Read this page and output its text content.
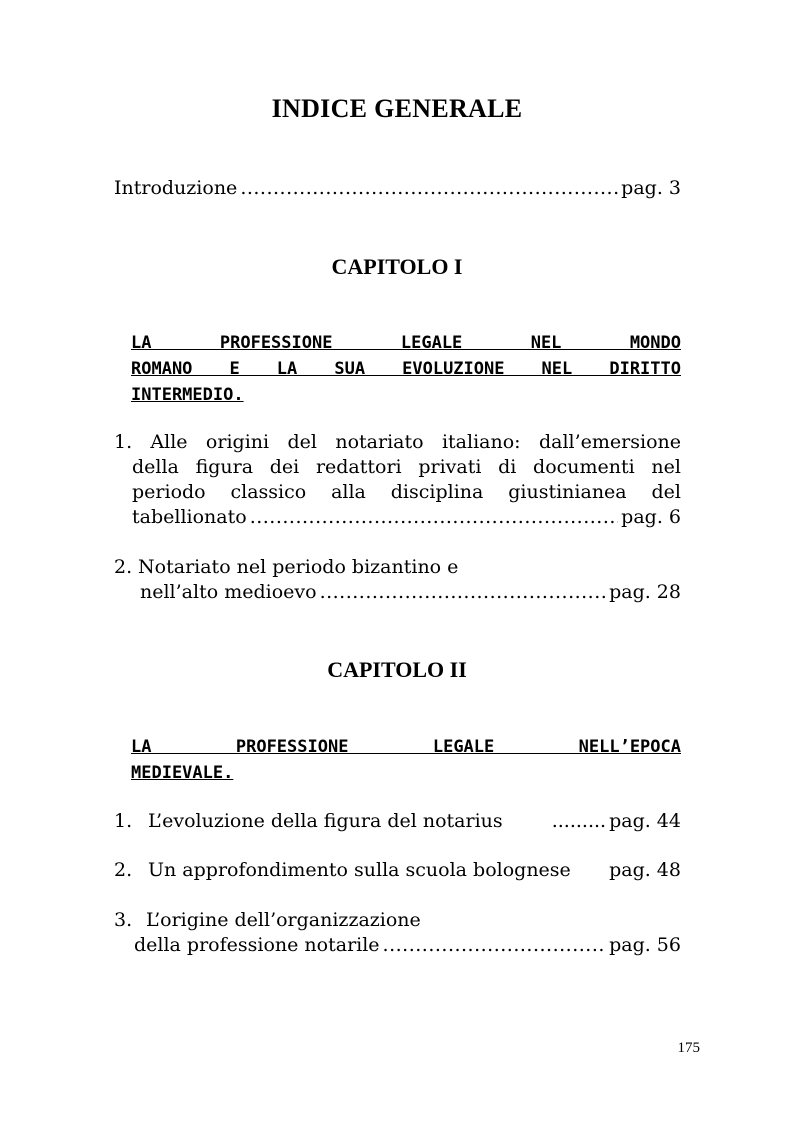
INDICE GENERALE
Introduzione .....	pag. 3
CAPITOLO I
LA PROFESSIONE LEGALE NEL MONDO
ROMANO E LA SUA EVOLUZIONE NEL DIRITTO
INTERMEDIO.
1. Alle origini del notariato italiano: dall’emersione
della figura dei redattori privati di documenti nel
periodo classico alla disciplina giustinianea del
tabellionato .....	pag. 6
2. Notariato nel periodo bizantino e
nell’alto medioevo .....	pag. 28
CAPITOLO II
LA PROFESSIONE LEGALE NELL’EPOCA
MEDIEVALE.
1. L’evoluzione della figura del notarius	......... pag. 44
2. Un approfondimento sulla scuola bolognese pag. 48
3. L’origine dell’organizzazione
della professione notarile .....	pag. 56
175
